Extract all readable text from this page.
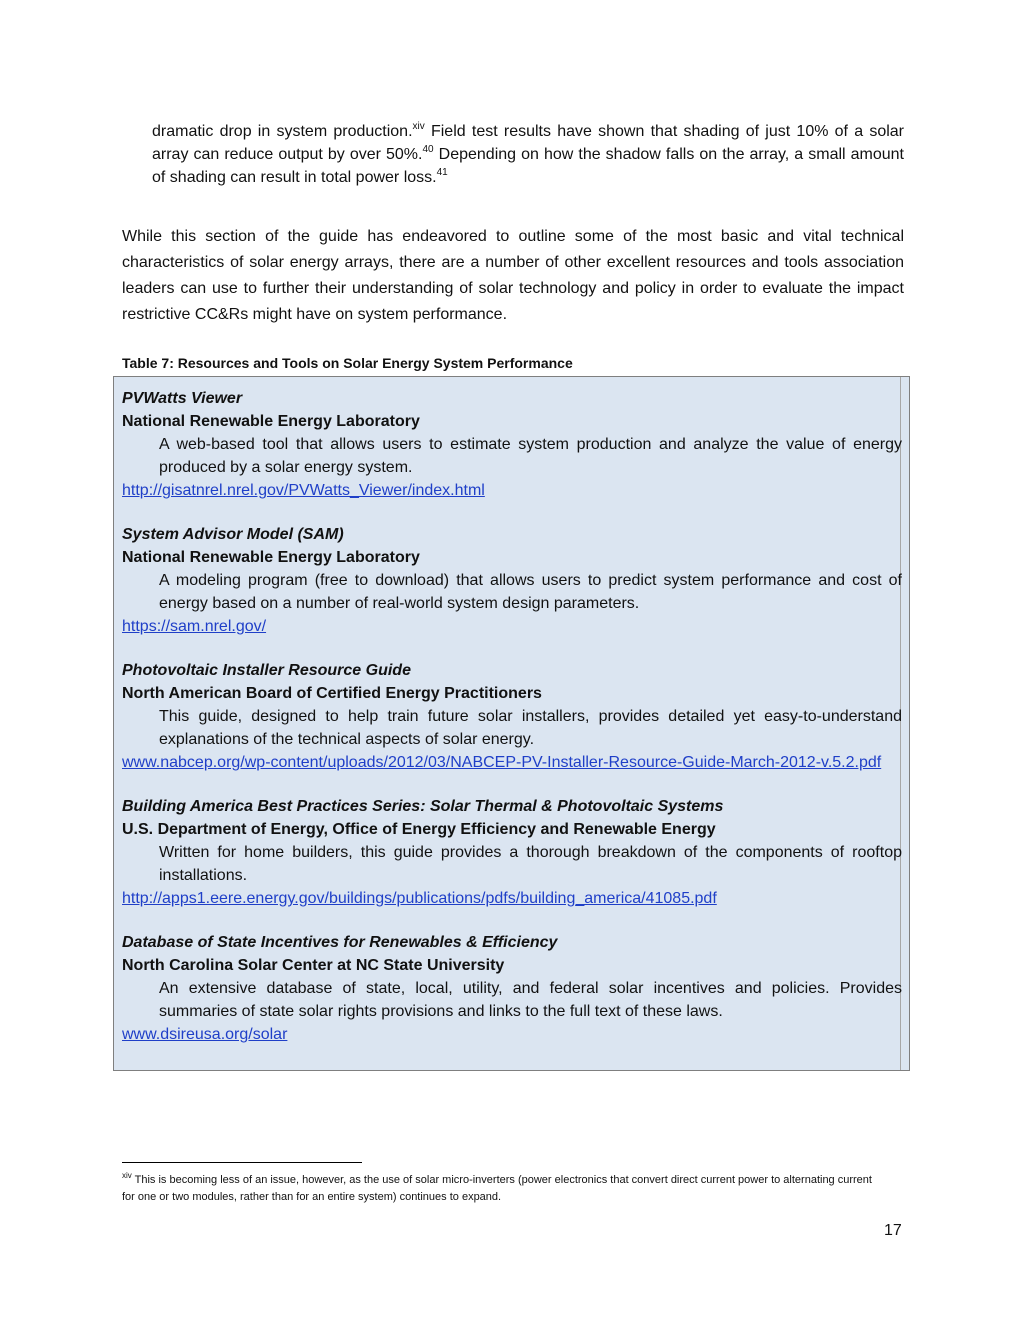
dramatic drop in system production.$^{xiv}$ Field test results have shown that shading of just 10% of a solar array can reduce output by over 50%.$^{40}$ Depending on how the shadow falls on the array, a small amount of shading can result in total power loss.$^{41}$
While this section of the guide has endeavored to outline some of the most basic and vital technical characteristics of solar energy arrays, there are a number of other excellent resources and tools association leaders can use to further their understanding of solar technology and policy in order to evaluate the impact restrictive CC&Rs might have on system performance.
Table 7: Resources and Tools on Solar Energy System Performance
PVWatts Viewer
National Renewable Energy Laboratory
A web-based tool that allows users to estimate system production and analyze the value of energy produced by a solar energy system.
http://gisatnrel.nrel.gov/PVWatts_Viewer/index.html
System Advisor Model (SAM)
National Renewable Energy Laboratory
A modeling program (free to download) that allows users to predict system performance and cost of energy based on a number of real-world system design parameters.
https://sam.nrel.gov/
Photovoltaic Installer Resource Guide
North American Board of Certified Energy Practitioners
This guide, designed to help train future solar installers, provides detailed yet easy-to-understand explanations of the technical aspects of solar energy.
www.nabcep.org/wp-content/uploads/2012/03/NABCEP-PV-Installer-Resource-Guide-March-2012-v.5.2.pdf
Building America Best Practices Series: Solar Thermal & Photovoltaic Systems
U.S. Department of Energy, Office of Energy Efficiency and Renewable Energy
Written for home builders, this guide provides a thorough breakdown of the components of rooftop installations.
http://apps1.eere.energy.gov/buildings/publications/pdfs/building_america/41085.pdf
Database of State Incentives for Renewables & Efficiency
North Carolina Solar Center at NC State University
An extensive database of state, local, utility, and federal solar incentives and policies. Provides summaries of state solar rights provisions and links to the full text of these laws.
www.dsireusa.org/solar
$^{xiv}$ This is becoming less of an issue, however, as the use of solar micro-inverters (power electronics that convert direct current power to alternating current for one or two modules, rather than for an entire system) continues to expand.
17
